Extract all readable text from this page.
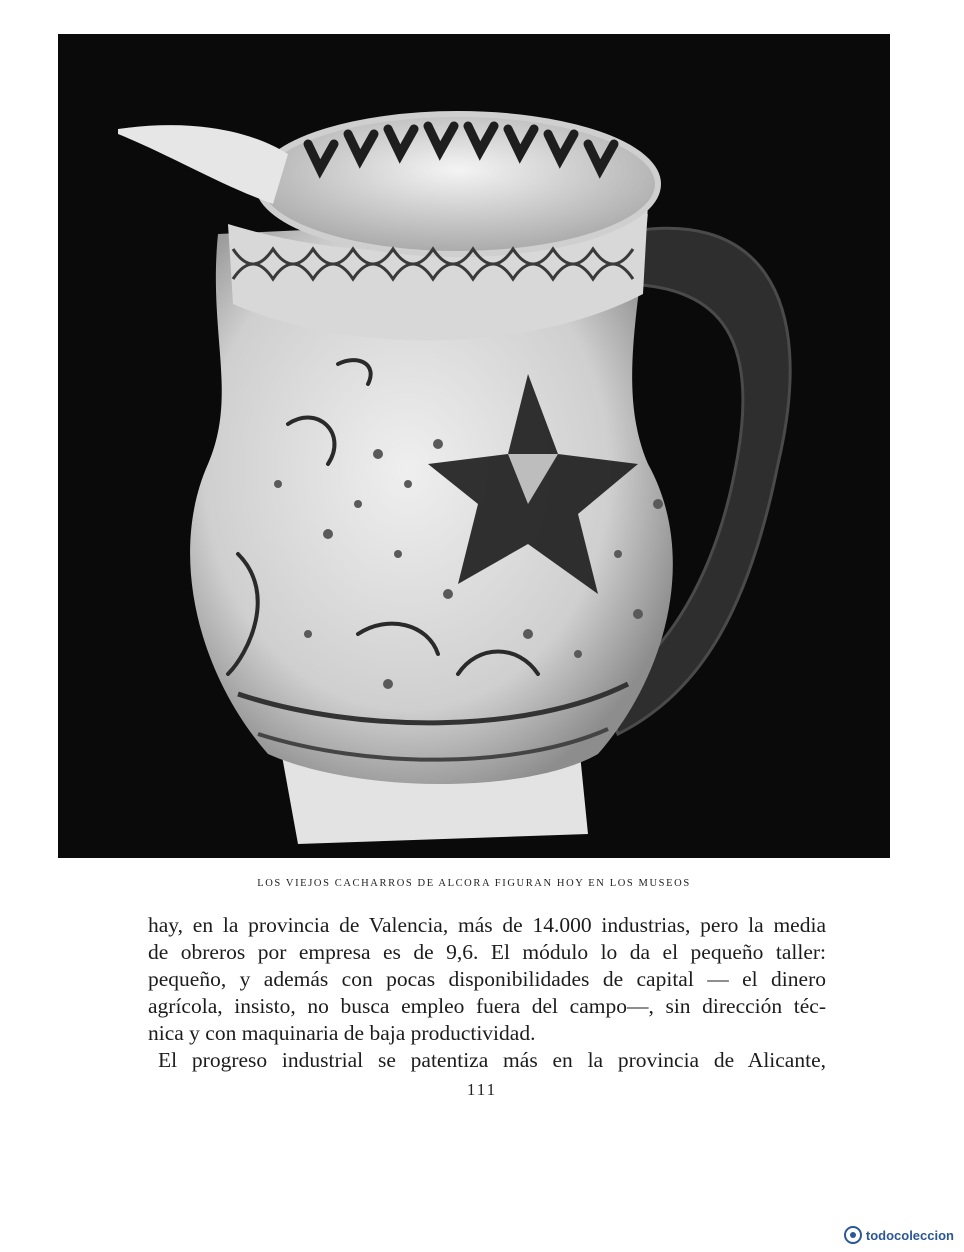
LOS VIEJOS CACHARROS DE ALCORA FIGURAN HOY EN LOS MUSEOS
hay, en la provincia de Valencia, más de 14.000 industrias, pero la media
de obreros por empresa es de 9,6. El módulo lo da el pequeño taller:
pequeño, y además con pocas disponibilidades de capital — el dinero
agrícola, insisto, no busca empleo fuera del campo—, sin dirección téc-
nica y con maquinaria de baja productividad.
El progreso industrial se patentiza más en la provincia de Alicante,
111
todocoleccion
